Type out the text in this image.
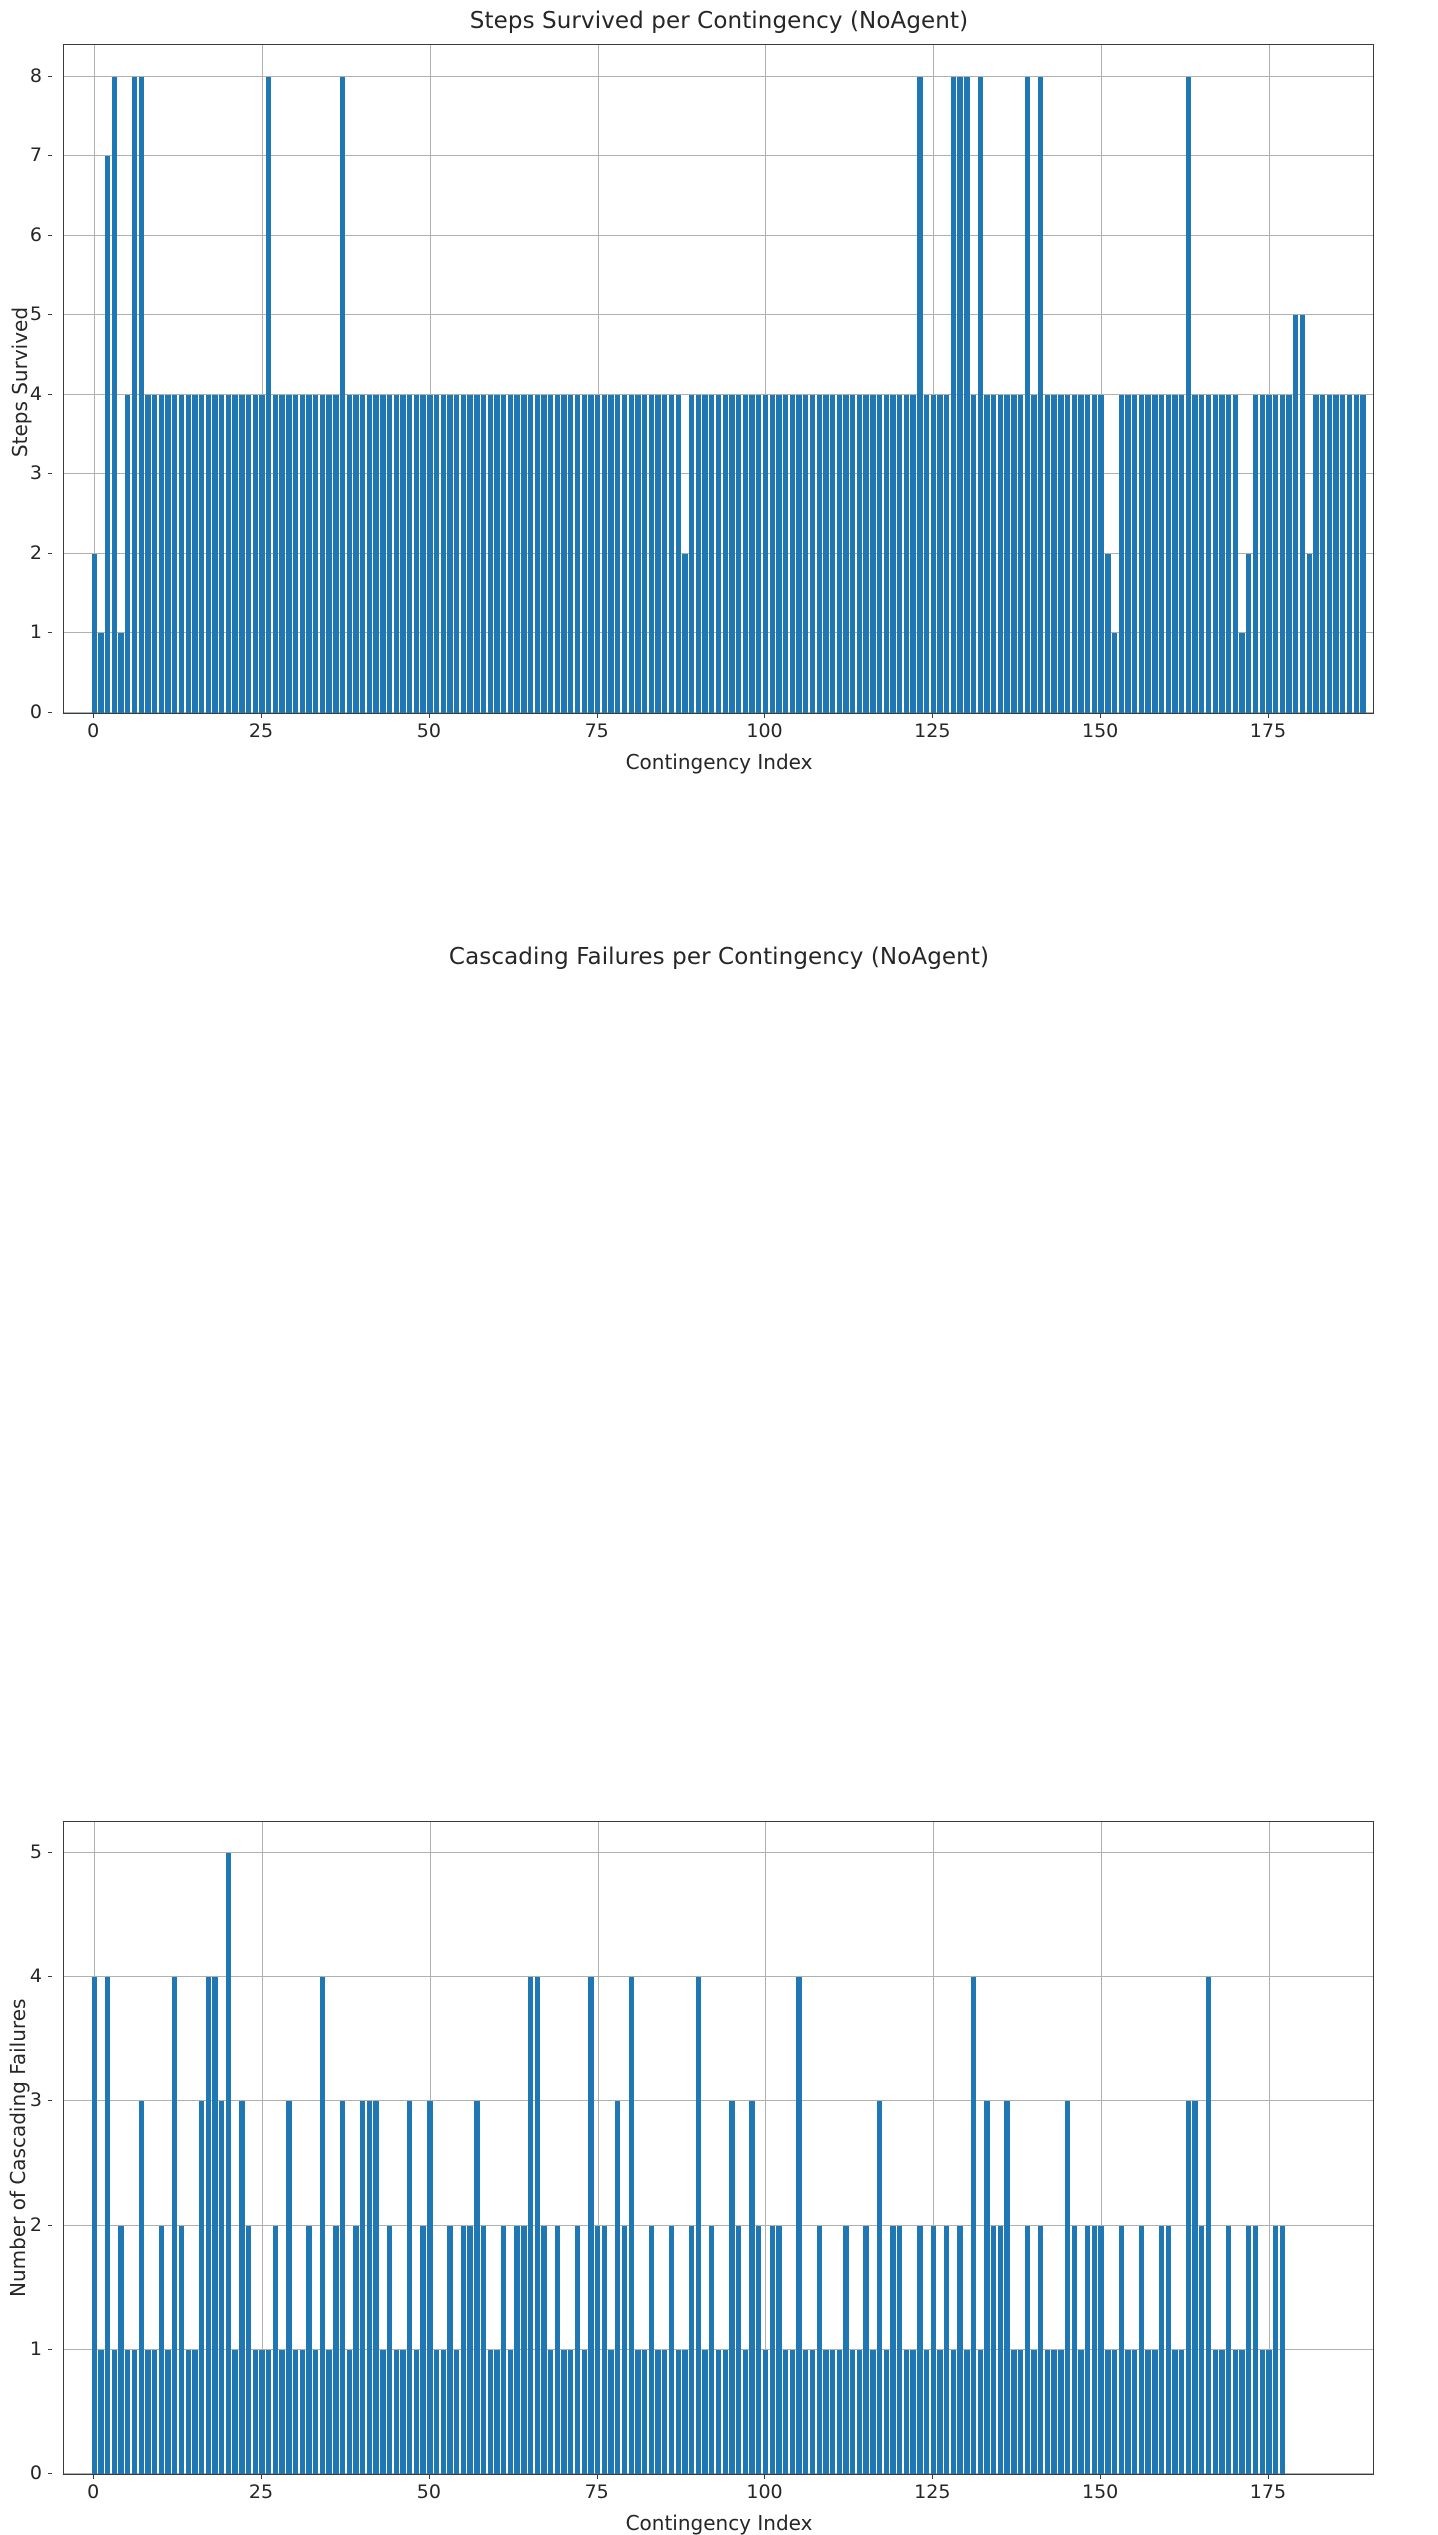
Steps Survived per Contingency (NoAgent)
0
1
2
3
4
5
6
7
8
0	25	50	75	100	125	150	175
Contingency Index
Steps Survived
Cascading Failures per Contingency (NoAgent)
0
1
2
3
4
5
0	25	50	75	100	125	150	175
Contingency Index
Number of Cascading Failures
